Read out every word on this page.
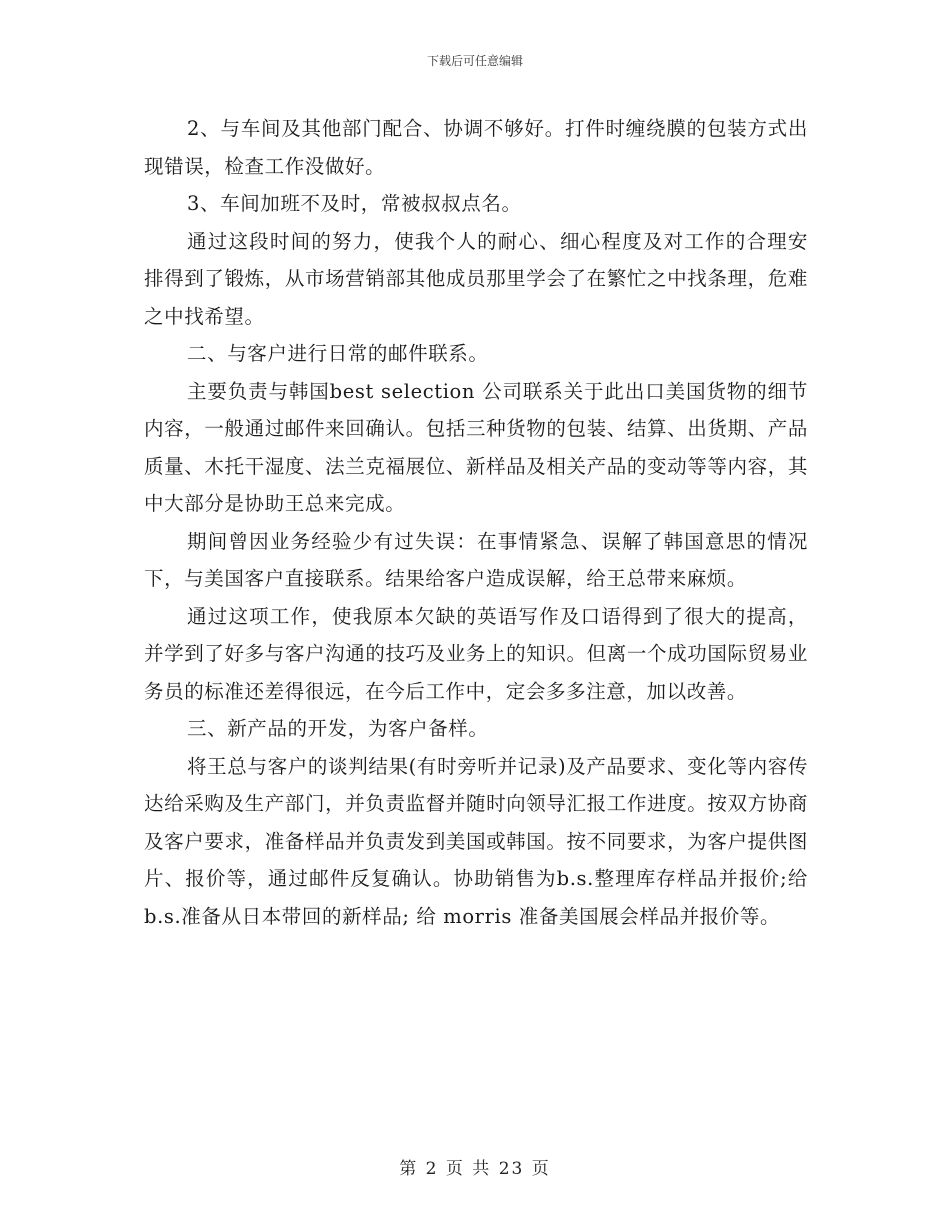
下载后可任意编辑

2、与车间及其他部门配合、协调不够好。打件时缠绕膜的包装方式出现错误，检查工作没做好。

3、车间加班不及时，常被叔叔点名。

通过这段时间的努力，使我个人的耐心、细心程度及对工作的合理安排得到了锻炼，从市场营销部其他成员那里学会了在繁忙之中找条理，危难之中找希望。

二、与客户进行日常的邮件联系。

主要负责与韩国best selection 公司联系关于此出口美国货物的细节内容，一般通过邮件来回确认。包括三种货物的包装、结算、出货期、产品质量、木托干湿度、法兰克福展位、新样品及相关产品的变动等等内容，其中大部分是协助王总来完成。

期间曾因业务经验少有过失误：在事情紧急、误解了韩国意思的情况下，与美国客户直接联系。结果给客户造成误解，给王总带来麻烦。

通过这项工作，使我原本欠缺的英语写作及口语得到了很大的提高，并学到了好多与客户沟通的技巧及业务上的知识。但离一个成功国际贸易业务员的标准还差得很远，在今后工作中，定会多多注意，加以改善。

三、新产品的开发，为客户备样。

将王总与客户的谈判结果(有时旁听并记录)及产品要求、变化等内容传达给采购及生产部门，并负责监督并随时向领导汇报工作进度。按双方协商及客户要求，准备样品并负责发到美国或韩国。按不同要求，为客户提供图片、报价等，通过邮件反复确认。协助销售为b.s.整理库存样品并报价;给b.s.准备从日本带回的新样品; 给 morris 准备美国展会样品并报价等。

第 2 页 共 23 页
